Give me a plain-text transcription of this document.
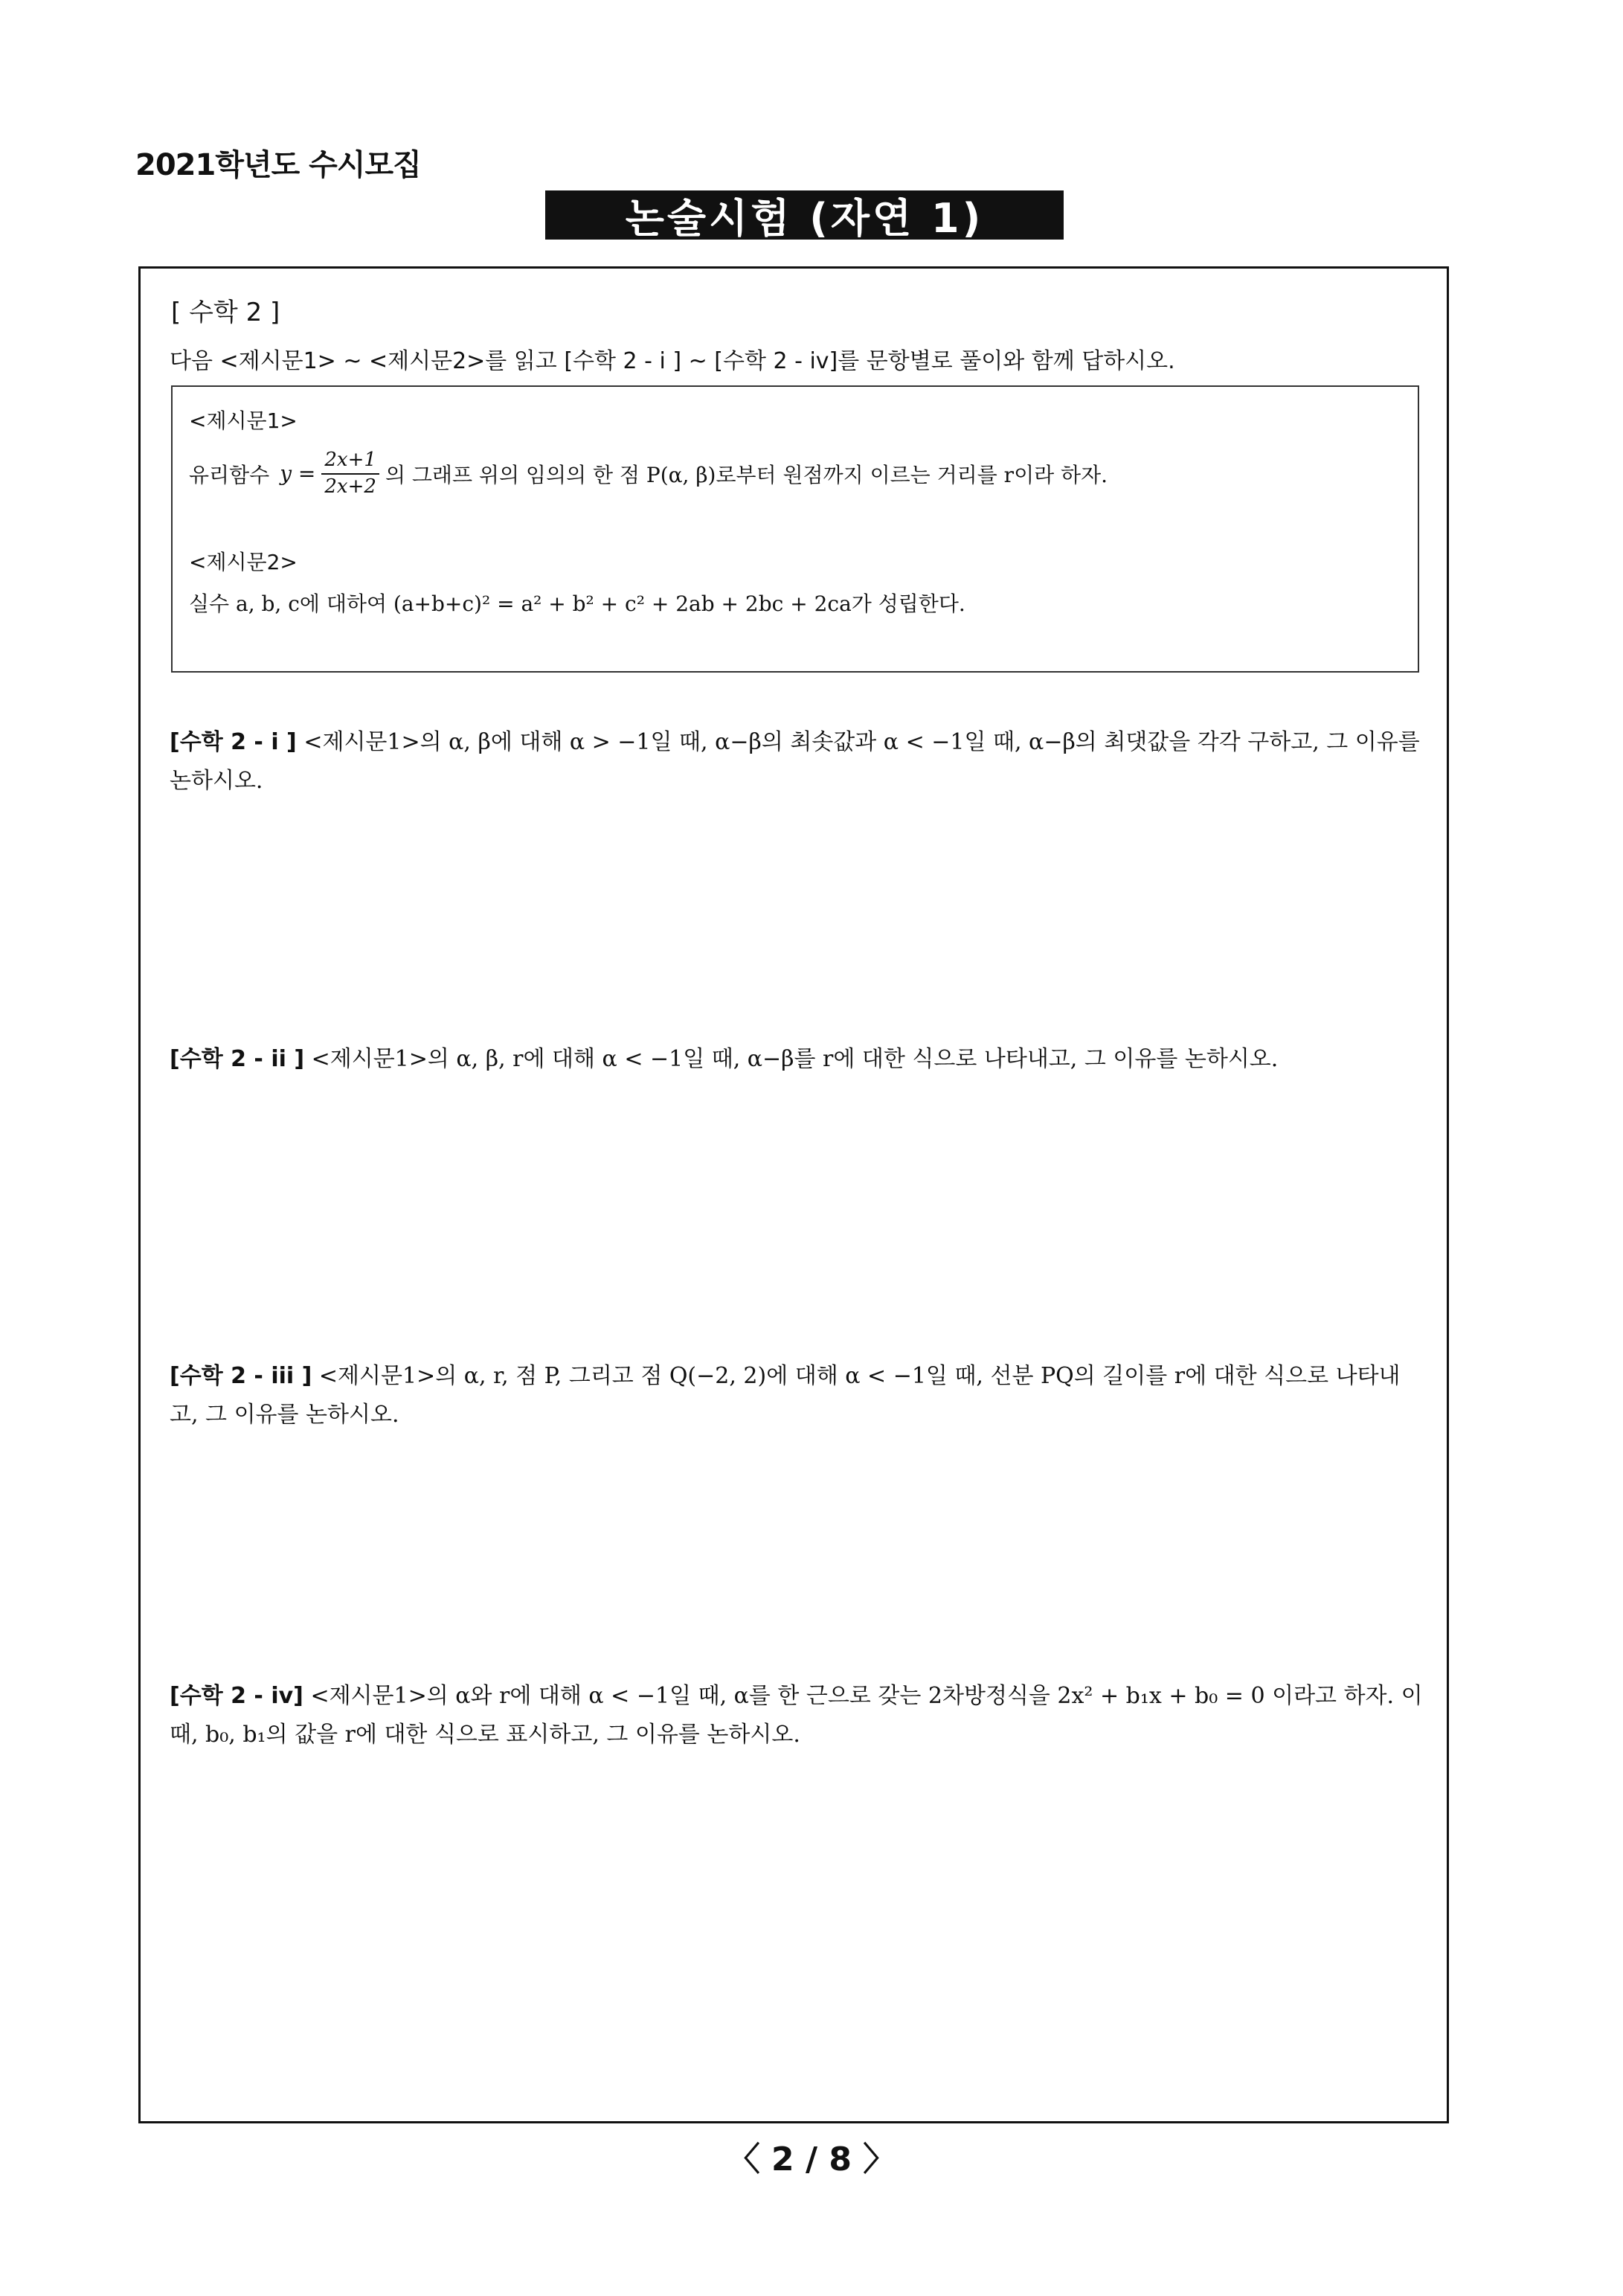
2021학년도 수시모집
논술시험 (자연 1)
[ 수학 2 ]
다음 <제시문1> ~ <제시문2>를 읽고 [수학 2 - i ] ~ [수학 2 - iv]를 문항별로 풀이와 함께 답하시오.
<제시문1>
유리함수 $y = \frac{2x+1}{2x+2}$ 의 그래프 위의 임의의 한 점 P(α, β)로부터 원점까지 이르는 거리를 r이라 하자.
<제시문2>
실수 a, b, c에 대하여 (a+b+c)² = a² + b² + c² + 2ab + 2bc + 2ca가 성립한다.
[수학 2 - i ] <제시문1>의 α, β에 대해 α > −1일 때, α−β의 최솟값과 α < −1일 때, α−β의 최댓값을 각각 구하고, 그 이유를 논하시오.
[수학 2 - ii ] <제시문1>의 α, β, r에 대해 α < −1일 때, α−β를 r에 대한 식으로 나타내고, 그 이유를 논하시오.
[수학 2 - iii ] <제시문1>의 α, r, 점 P, 그리고 점 Q(−2, 2)에 대해 α < −1일 때, 선분 PQ의 길이를 r에 대한 식으로 나타내고, 그 이유를 논하시오.
[수학 2 - iv] <제시문1>의 α와 r에 대해 α < −1일 때, α를 한 근으로 갖는 2차방정식을 2x² + b₁x + b₀ = 0 이라고 하자. 이 때, b₀, b₁의 값을 r에 대한 식으로 표시하고, 그 이유를 논하시오.
〈 2 / 8 〉
